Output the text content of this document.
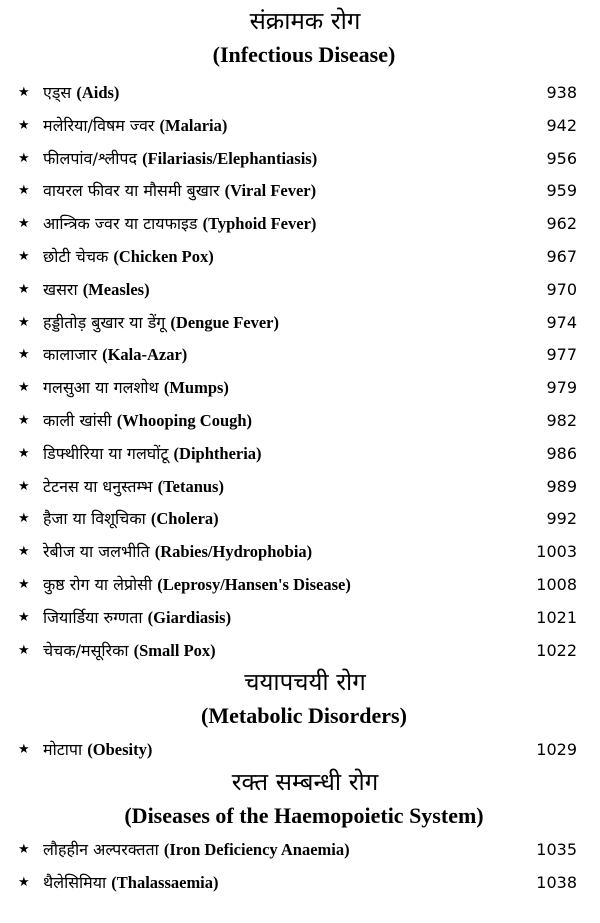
संक्रामक रोग
(Infectious Disease)
★ एड्स (Aids)	938
★ मलेरिया/विषम ज्वर (Malaria)	942
★ फीलपांव/श्लीपद (Filariasis/Elephantiasis)	956
★ वायरल फीवर या मौसमी बुखार (Viral Fever)	959
★ आन्त्रिक ज्वर या टायफाइड (Typhoid Fever)	962
★ छोटी चेचक (Chicken Pox)	967
★ खसरा (Measles)	970
★ हड्डीतोड़ बुखार या डेंगू (Dengue Fever)	974
★ कालाजार (Kala-Azar)	977
★ गलसुआ या गलशोथ (Mumps)	979
★ काली खांसी (Whooping Cough)	982
★ डिफ्थीरिया या गलघोंटू (Diphtheria)	986
★ टेटनस या धनुस्तम्भ (Tetanus)	989
★ हैजा या विशूचिका (Cholera)	992
★ रेबीज या जलभीति (Rabies/Hydrophobia)	1003
★ कुष्ठ रोग या लेप्रोसी (Leprosy/Hansen's Disease)	1008
★ जियार्डिया रुग्णता (Giardiasis)	1021
★ चेचक/मसूरिका (Small Pox)	1022
चयापचयी रोग
(Metabolic Disorders)
★ मोटापा (Obesity)	1029
रक्त सम्बन्धी रोग
(Diseases of the Haemopoietic System)
★ लौहहीन अल्परक्तता (Iron Deficiency Anaemia)	1035
★ थैलेसिमिया (Thalassaemia)	1038
